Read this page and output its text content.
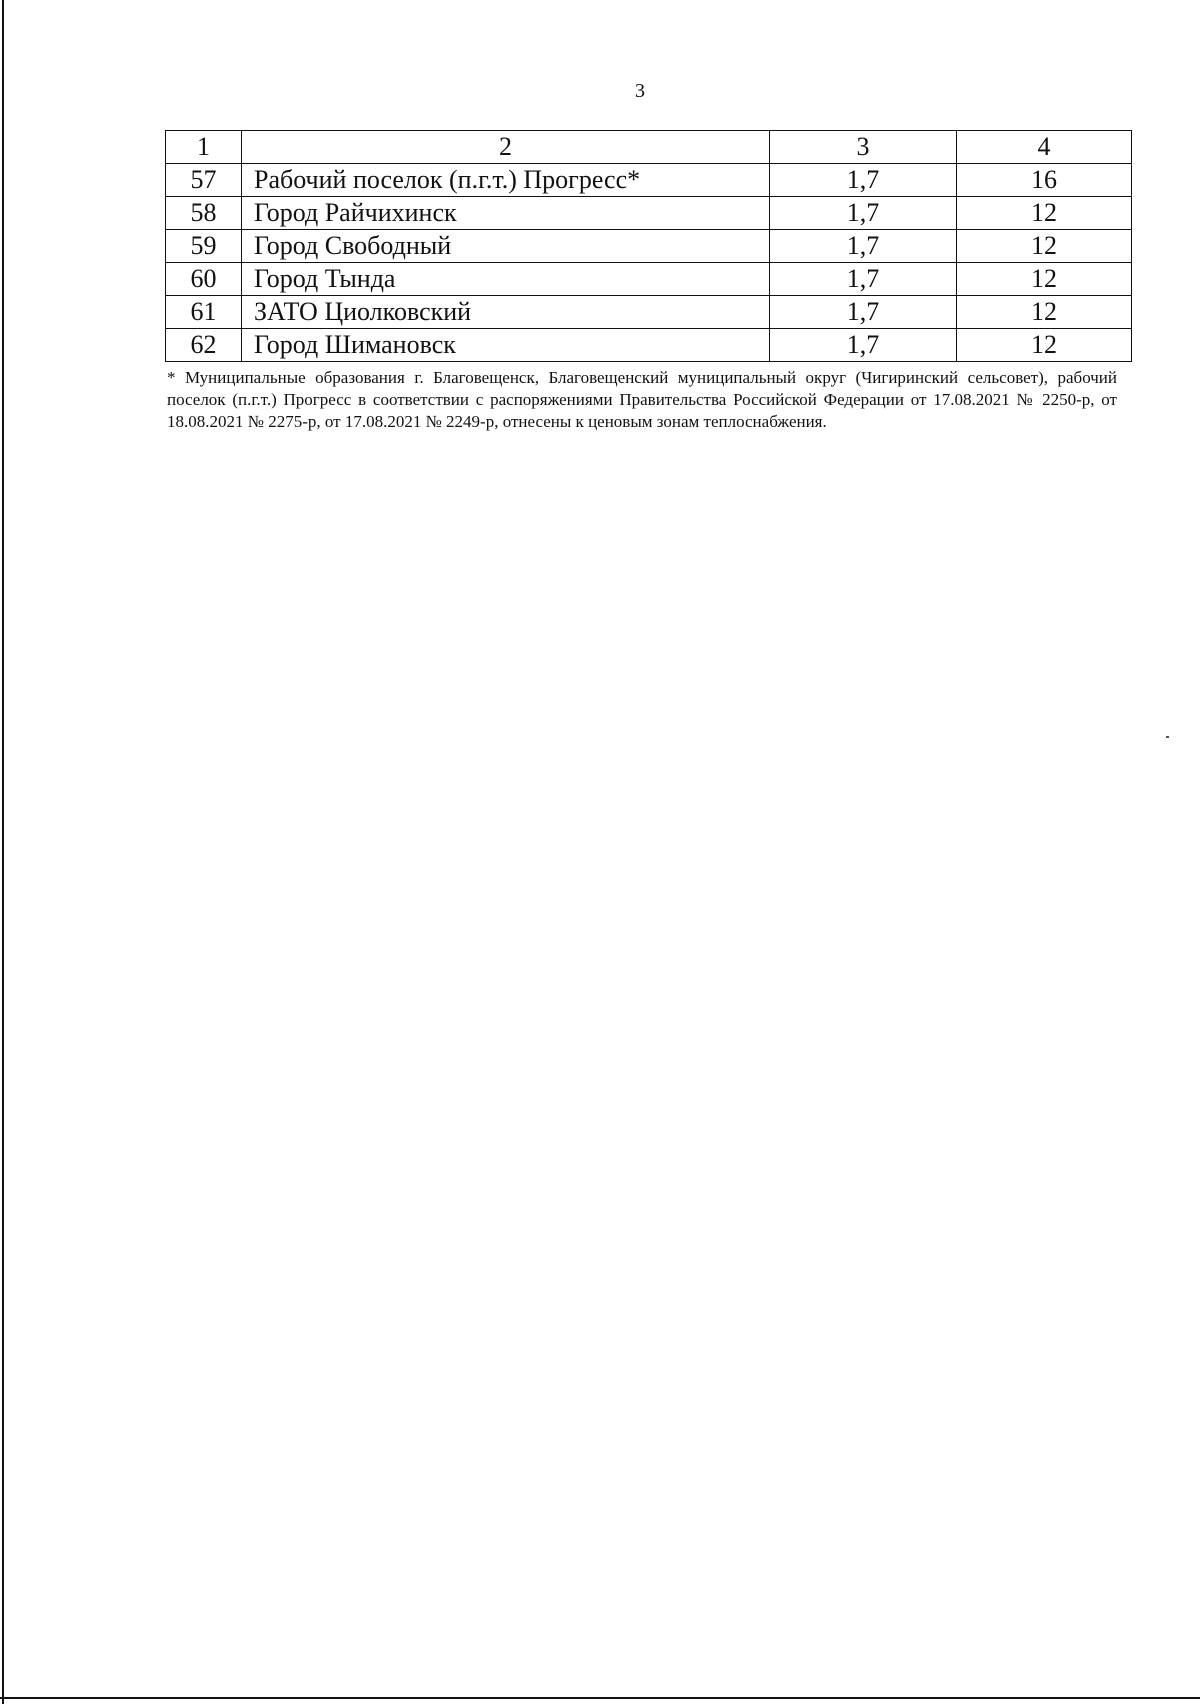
3
1	2	3	4
57	Рабочий поселок (п.г.т.) Прогресс*	1,7	16
58	Город Райчихинск	1,7	12
59	Город Свободный	1,7	12
60	Город Тында	1,7	12
61	ЗАТО Циолковский	1,7	12
62	Город Шимановск	1,7	12
* Муниципальные образования г. Благовещенск, Благовещенский муниципальный округ (Чигиринский сельсовет), рабочий поселок (п.г.т.) Прогресс в соответствии с распоряжениями Правительства Российской Федерации от 17.08.2021 № 2250-р, от 18.08.2021 № 2275-р, от 17.08.2021 № 2249-р, отнесены к ценовым зонам теплоснабжения.
